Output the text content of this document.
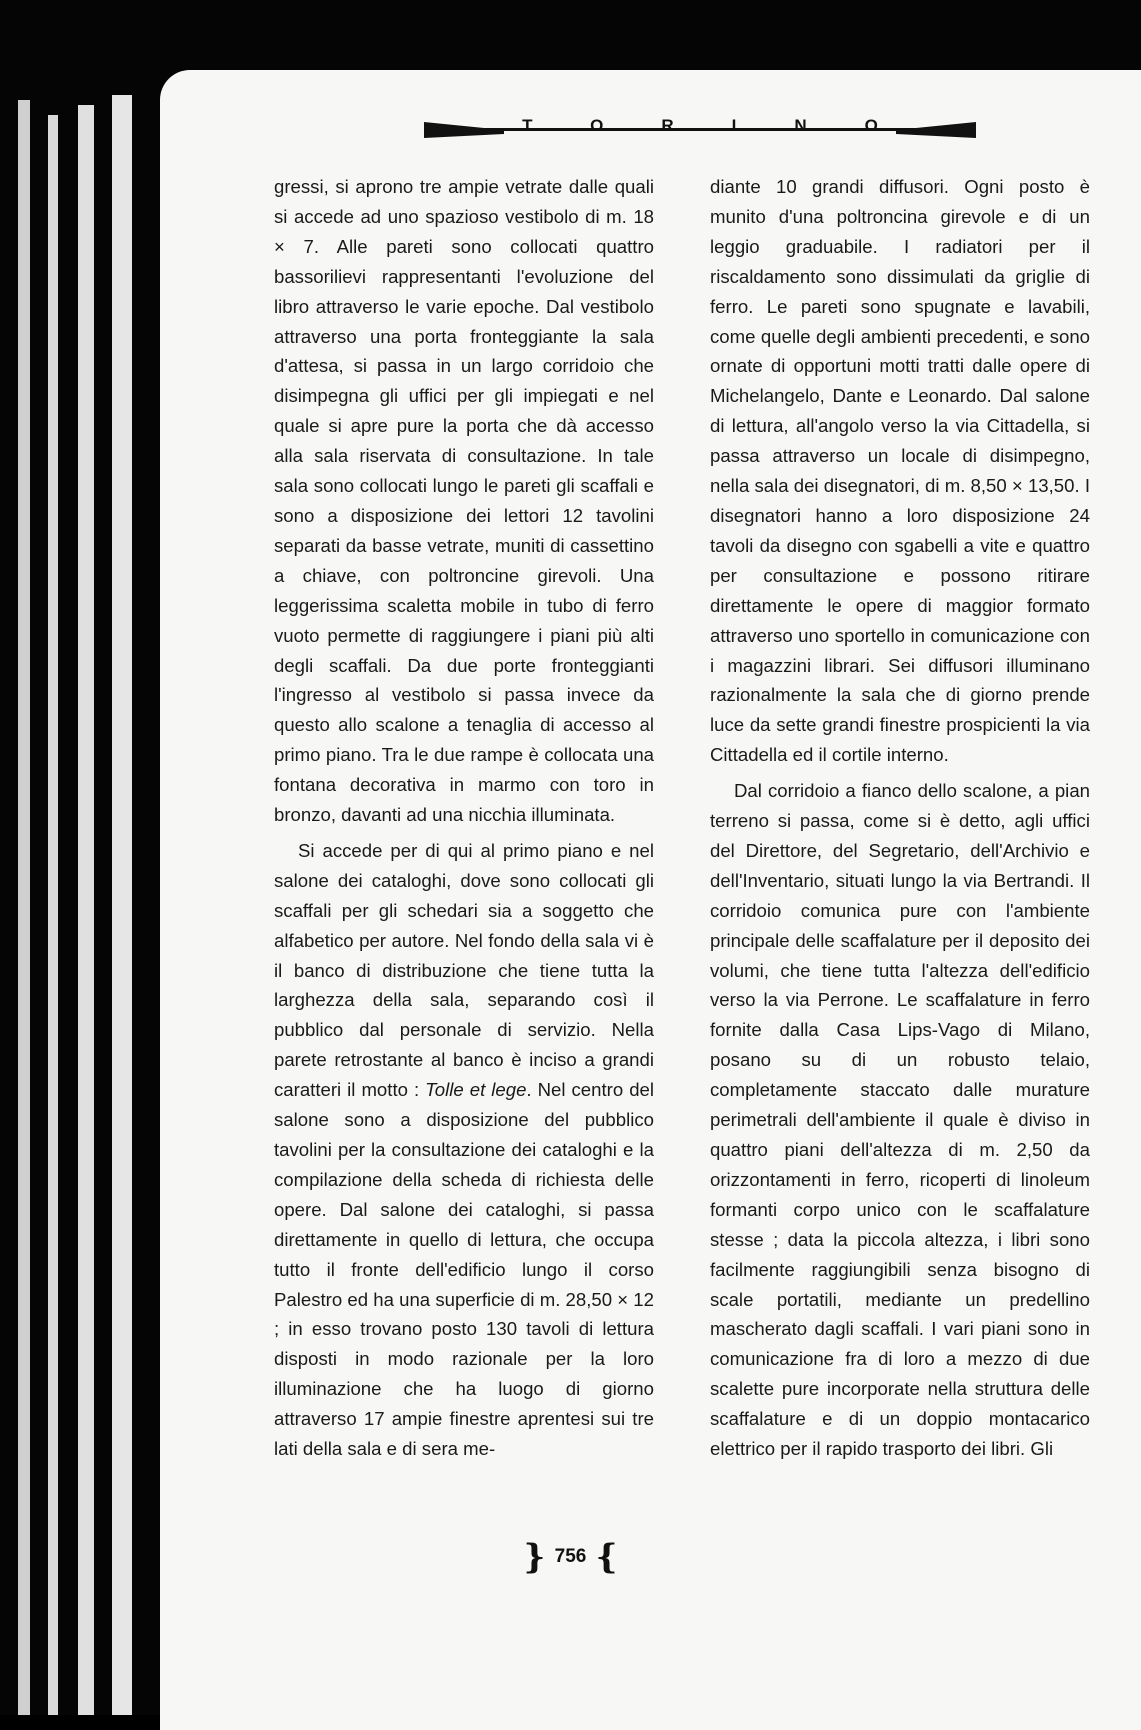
TORINO

gressi, si aprono tre ampie vetrate dalle quali si accede ad uno spazioso vestibolo di m. 18 × 7. Alle pareti sono collocati quattro bassorilievi rappresentanti l'evoluzione del libro attraverso le varie epoche. Dal vestibolo attraverso una porta fronteggiante la sala d'attesa, si passa in un largo corridoio che disimpegna gli uffici per gli impiegati e nel quale si apre pure la porta che dà accesso alla sala riservata di consultazione. In tale sala sono collocati lungo le pareti gli scaffali e sono a disposizione dei lettori 12 tavolini separati da basse vetrate, muniti di cassettino a chiave, con poltroncine girevoli. Una leggerissima scaletta mobile in tubo di ferro vuoto permette di raggiungere i piani più alti degli scaffali. Da due porte fronteggianti l'ingresso al vestibolo si passa invece da questo allo scalone a tenaglia di accesso al primo piano. Tra le due rampe è collocata una fontana decorativa in marmo con toro in bronzo, davanti ad una nicchia illuminata.

Si accede per di qui al primo piano e nel salone dei cataloghi, dove sono collocati gli scaffali per gli schedari sia a soggetto che alfabetico per autore. Nel fondo della sala vi è il banco di distribuzione che tiene tutta la larghezza della sala, separando così il pubblico dal personale di servizio. Nella parete retrostante al banco è inciso a grandi caratteri il motto : Tolle et lege. Nel centro del salone sono a disposizione del pubblico tavolini per la consultazione dei cataloghi e la compilazione della scheda di richiesta delle opere. Dal salone dei cataloghi, si passa direttamente in quello di lettura, che occupa tutto il fronte dell'edificio lungo il corso Palestro ed ha una superficie di m. 28,50 × 12 ; in esso trovano posto 130 tavoli di lettura disposti in modo razionale per la loro illuminazione che ha luogo di giorno attraverso 17 ampie finestre aprentesi sui tre lati della sala e di sera me-

diante 10 grandi diffusori. Ogni posto è munito d'una poltroncina girevole e di un leggio graduabile. I radiatori per il riscaldamento sono dissimulati da griglie di ferro. Le pareti sono spugnate e lavabili, come quelle degli ambienti precedenti, e sono ornate di opportuni motti tratti dalle opere di Michelangelo, Dante e Leonardo. Dal salone di lettura, all'angolo verso la via Cittadella, si passa attraverso un locale di disimpegno, nella sala dei disegnatori, di m. 8,50 × 13,50. I disegnatori hanno a loro disposizione 24 tavoli da disegno con sgabelli a vite e quattro per consultazione e possono ritirare direttamente le opere di maggior formato attraverso uno sportello in comunicazione con i magazzini librari. Sei diffusori illuminano razionalmente la sala che di giorno prende luce da sette grandi finestre prospicienti la via Cittadella ed il cortile interno.

Dal corridoio a fianco dello scalone, a pian terreno si passa, come si è detto, agli uffici del Direttore, del Segretario, dell'Archivio e dell'Inventario, situati lungo la via Bertrandi. Il corridoio comunica pure con l'ambiente principale delle scaffalature per il deposito dei volumi, che tiene tutta l'altezza dell'edificio verso la via Perrone. Le scaffalature in ferro fornite dalla Casa Lips-Vago di Milano, posano su di un robusto telaio, completamente staccato dalle murature perimetrali dell'ambiente il quale è diviso in quattro piani dell'altezza di m. 2,50 da orizzontamenti in ferro, ricoperti di linoleum formanti corpo unico con le scaffalature stesse ; data la piccola altezza, i libri sono facilmente raggiungibili senza bisogno di scale portatili, mediante un predellino mascherato dagli scaffali. I vari piani sono in comunicazione fra di loro a mezzo di due scalette pure incorporate nella struttura delle scaffalature e di un doppio montacarico elettrico per il rapido trasporto dei libri. Gli

} 756 {
